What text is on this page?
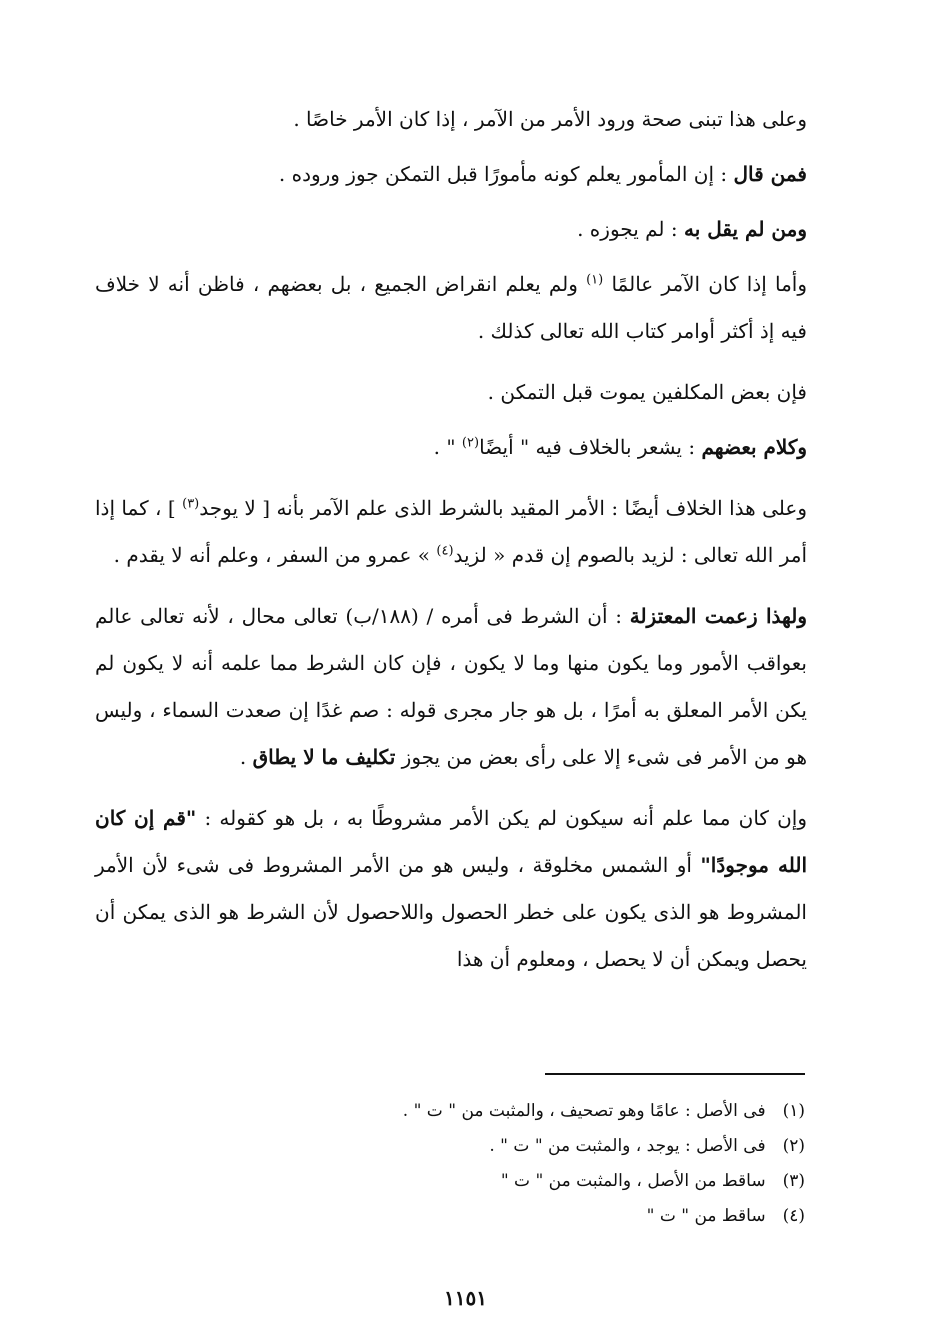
وعلى هذا تبنى صحة ورود الأمر من الآمر ، إذا كان الأمر خاصًا .

فمن قال : إن المأمور يعلم كونه مأمورًا قبل التمكن جوز وروده .

ومن لم يقل به : لم يجوزه .

وأما إذا كان الآمر عالمًا $^{(١)}$ ولم يعلم انقراض الجميع ، بل بعضهم ، فاظن أنه لا خلاف فيه إذ أكثر أوامر كتاب الله تعالى كذلك .

فإن بعض المكلفين يموت قبل التمكن .

وكلام بعضهم : يشعر بالخلاف فيه " أيضًا$^{(٢)}$ " .

وعلى هذا الخلاف أيضًا : الأمر المقيد بالشرط الذى علم الآمر بأنه [ لا يوجد$^{(٣)}$ ] ، كما إذا أمر الله تعالى : لزيد بالصوم إن قدم « لزيد$^{(٤)}$ » عمرو من السفر ، وعلم أنه لا يقدم .

ولهذا زعمت المعتزلة : أن الشرط فى أمره / (١٨٨/ب) تعالى محال ، لأنه تعالى عالم بعواقب الأمور وما يكون منها وما لا يكون ، فإن كان الشرط مما علمه أنه لا يكون لم يكن الأمر المعلق به أمرًا ، بل هو جار مجرى قوله : صم غدًا إن صعدت السماء ، وليس هو من الأمر فى شىء إلا على رأى بعض من يجوز تكليف ما لا يطاق .

وإن كان مما علم أنه سيكون لم يكن الأمر مشروطًا به ، بل هو كقوله : "قم إن كان الله موجودًا" أو الشمس مخلوقة ، وليس هو من الأمر المشروط فى شىء لأن الأمر المشروط هو الذى يكون على خطر الحصول واللاحصول لأن الشرط هو الذى يمكن أن يحصل ويمكن أن لا يحصل ، ومعلوم أن هذا

(١) فى الأصل : عامًا وهو تصحيف ، والمثبت من " ت " .

(٢) فى الأصل : يوجد ، والمثبت من " ت " .

(٣) ساقط من الأصل ، والمثبت من " ت "

(٤) ساقط من " ت "

١١٥١
